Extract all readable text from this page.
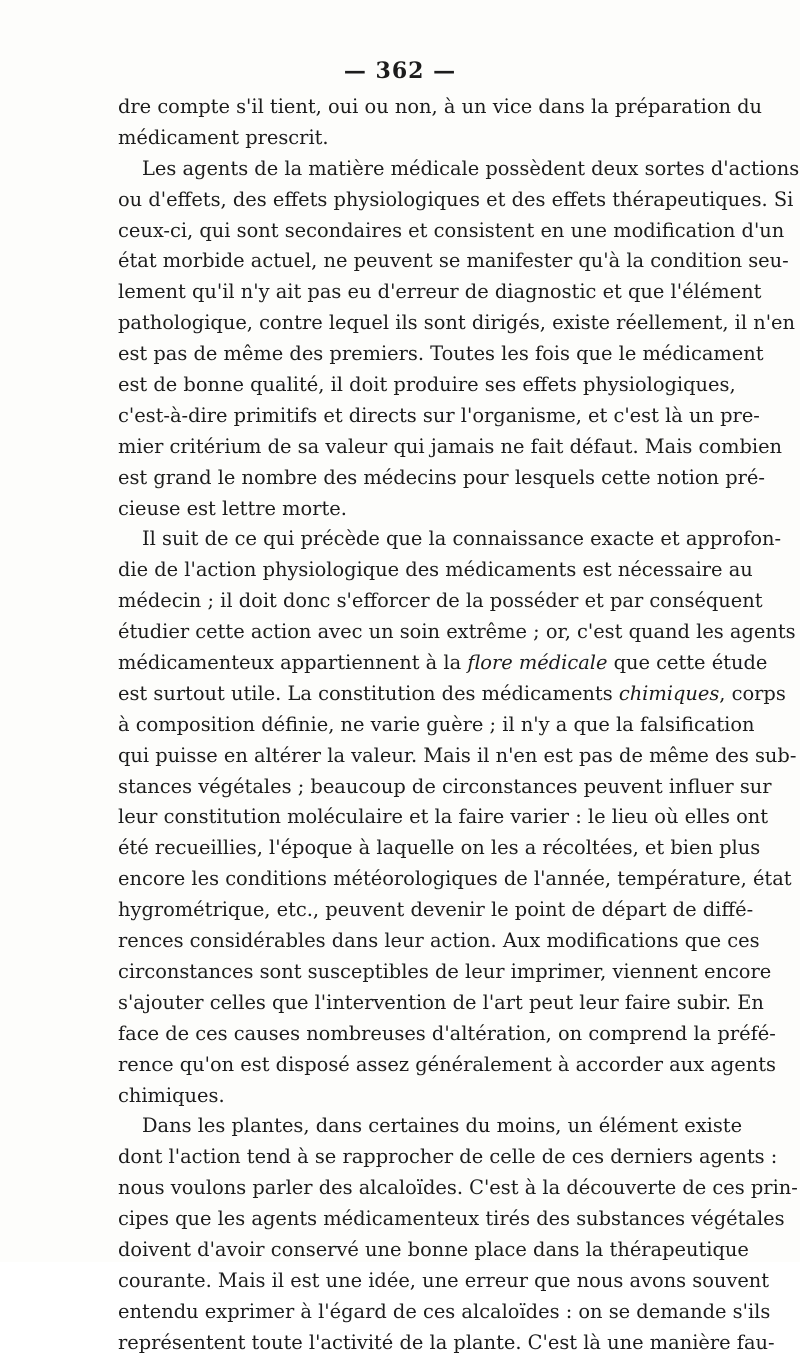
— 362 —
dre compte s'il tient, oui ou non, à un vice dans la préparation du
médicament prescrit.
Les agents de la matière médicale possèdent deux sortes d'actions
ou d'effets, des effets physiologiques et des effets thérapeutiques. Si
ceux-ci, qui sont secondaires et consistent en une modification d'un
état morbide actuel, ne peuvent se manifester qu'à la condition seu-
lement qu'il n'y ait pas eu d'erreur de diagnostic et que l'élément
pathologique, contre lequel ils sont dirigés, existe réellement, il n'en
est pas de même des premiers. Toutes les fois que le médicament
est de bonne qualité, il doit produire ses effets physiologiques,
c'est-à-dire primitifs et directs sur l'organisme, et c'est là un pre-
mier critérium de sa valeur qui jamais ne fait défaut. Mais combien
est grand le nombre des médecins pour lesquels cette notion pré-
cieuse est lettre morte.
Il suit de ce qui précède que la connaissance exacte et approfon-
die de l'action physiologique des médicaments est nécessaire au
médecin ; il doit donc s'efforcer de la posséder et par conséquent
étudier cette action avec un soin extrême ; or, c'est quand les agents
médicamenteux appartiennent à la flore médicale que cette étude
est surtout utile. La constitution des médicaments chimiques, corps
à composition définie, ne varie guère ; il n'y a que la falsification
qui puisse en altérer la valeur. Mais il n'en est pas de même des sub-
stances végétales ; beaucoup de circonstances peuvent influer sur
leur constitution moléculaire et la faire varier : le lieu où elles ont
été recueillies, l'époque à laquelle on les a récoltées, et bien plus
encore les conditions météorologiques de l'année, température, état
hygrométrique, etc., peuvent devenir le point de départ de diffé-
rences considérables dans leur action. Aux modifications que ces
circonstances sont susceptibles de leur imprimer, viennent encore
s'ajouter celles que l'intervention de l'art peut leur faire subir. En
face de ces causes nombreuses d'altération, on comprend la préfé-
rence qu'on est disposé assez généralement à accorder aux agents
chimiques.
Dans les plantes, dans certaines du moins, un élément existe
dont l'action tend à se rapprocher de celle de ces derniers agents :
nous voulons parler des alcaloïdes. C'est à la découverte de ces prin-
cipes que les agents médicamenteux tirés des substances végétales
doivent d'avoir conservé une bonne place dans la thérapeutique
courante. Mais il est une idée, une erreur que nous avons souvent
entendu exprimer à l'égard de ces alcaloïdes : on se demande s'ils
représentent toute l'activité de la plante. C'est là une manière fau-
